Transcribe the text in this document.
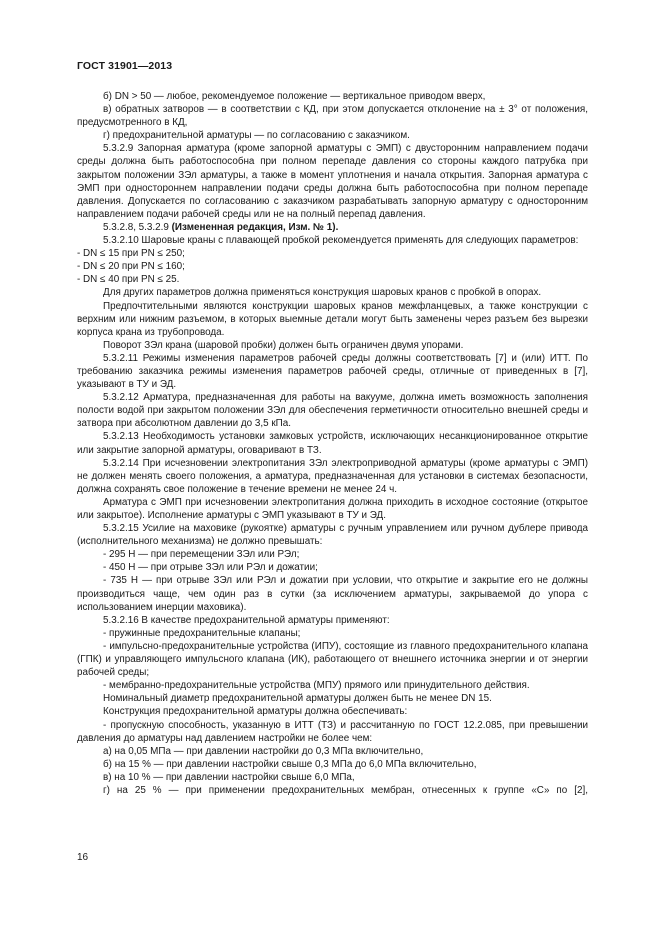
ГОСТ 31901—2013

б) DN > 50 — любое, рекомендуемое положение — вертикальное приводом вверх,

в) обратных затворов — в соответствии с КД, при этом допускается отклонение на ± 3° от положения, предусмотренного в КД,

г) предохранительной арматуры — по согласованию с заказчиком.

5.3.2.9 Запорная арматура (кроме запорной арматуры с ЭМП) с двусторонним направлением подачи среды должна быть работоспособна при полном перепаде давления со стороны каждого патрубка при закрытом положении ЗЭл арматуры, а также в момент уплотнения и начала открытия. Запорная арматура с ЭМП при одностороннем направлении подачи среды должна быть работоспособна при полном перепаде давления. Допускается по согласованию с заказчиком разрабатывать запорную арматуру с односторонним направлением подачи рабочей среды или не на полный перепад давления.

5.3.2.8, 5.3.2.9 (Измененная редакция, Изм. № 1).

5.3.2.10 Шаровые краны с плавающей пробкой рекомендуется применять для следующих параметров:

- DN ≤ 15 при PN ≤ 250;

- DN ≤ 20 при PN ≤ 160;

- DN ≤ 40 при PN ≤ 25.

Для других параметров должна применяться конструкция шаровых кранов с пробкой в опорах.

Предпочтительными являются конструкции шаровых кранов межфланцевых, а также конструкции с верхним или нижним разъемом, в которых выемные детали могут быть заменены через разъем без вырезки корпуса крана из трубопровода.

Поворот ЗЭл крана (шаровой пробки) должен быть ограничен двумя упорами.

5.3.2.11 Режимы изменения параметров рабочей среды должны соответствовать [7] и (или) ИТТ. По требованию заказчика режимы изменения параметров рабочей среды, отличные от приведенных в [7], указывают в ТУ и ЭД.

5.3.2.12 Арматура, предназначенная для работы на вакууме, должна иметь возможность заполнения полости водой при закрытом положении ЗЭл для обеспечения герметичности относительно внешней среды и затвора при абсолютном давлении до 3,5 кПа.

5.3.2.13 Необходимость установки замковых устройств, исключающих несанкционированное открытие или закрытие запорной арматуры, оговаривают в ТЗ.

5.3.2.14 При исчезновении электропитания ЗЭл электроприводной арматуры (кроме арматуры с ЭМП) не должен менять своего положения, а арматура, предназначенная для установки в системах безопасности, должна сохранять свое положение в течение времени не менее 24 ч.

Арматура с ЭМП при исчезновении электропитания должна приходить в исходное состояние (открытое или закрытое). Исполнение арматуры с ЭМП указывают в ТУ и ЭД.

5.3.2.15 Усилие на маховике (рукоятке) арматуры с ручным управлением или ручном дублере привода (исполнительного механизма) не должно превышать:

- 295 Н — при перемещении ЗЭл или РЭл;

- 450 Н — при отрыве ЗЭл или РЭл и дожатии;

- 735 Н — при отрыве ЗЭл или РЭл и дожатии при условии, что открытие и закрытие его не должны производиться чаще, чем один раз в сутки (за исключением арматуры, закрываемой до упора с использованием инерции маховика).

5.3.2.16 В качестве предохранительной арматуры применяют:

- пружинные предохранительные клапаны;

- импульсно-предохранительные устройства (ИПУ), состоящие из главного предохранительного клапана (ГПК) и управляющего импульсного клапана (ИК), работающего от внешнего источника энергии и от энергии рабочей среды;

- мембранно-предохранительные устройства (МПУ) прямого или принудительного действия.

Номинальный диаметр предохранительной арматуры должен быть не менее DN 15.

Конструкция предохранительной арматуры должна обеспечивать:

- пропускную способность, указанную в ИТТ (ТЗ) и рассчитанную по ГОСТ 12.2.085, при превышении давления до арматуры над давлением настройки не более чем:

а) на 0,05 МПа — при давлении настройки до 0,3 МПа включительно,

б) на 15 % — при давлении настройки свыше 0,3 МПа до 6,0 МПа включительно,

в) на 10 % — при давлении настройки свыше 6,0 МПа,

г) на 25 % — при применении предохранительных мембран, отнесенных к группе «С» по [2],

16
